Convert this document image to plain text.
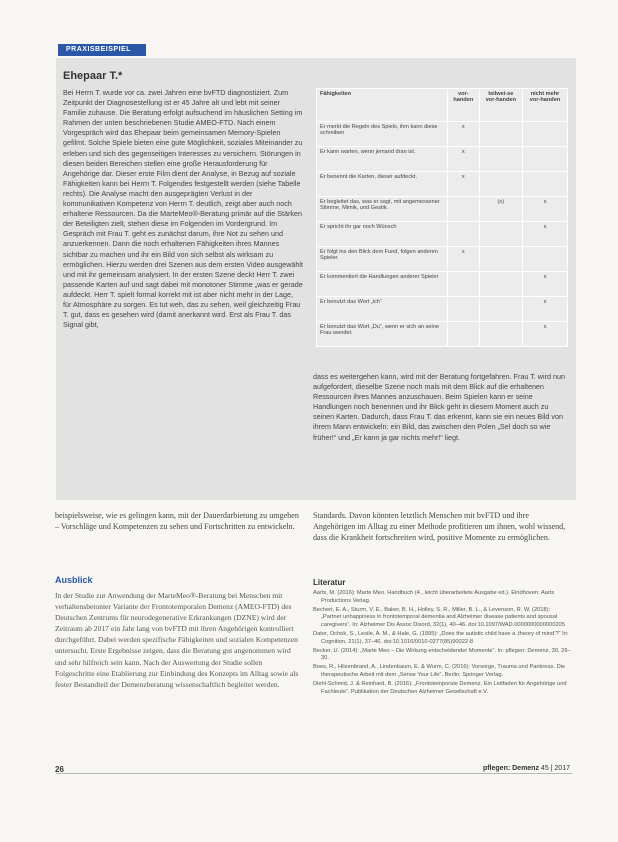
PRAXISBEISPIEL
Ehepaar T.*
Bei Herrn T. wurde vor ca. zwei Jahren eine bvFTD diagnostiziert. Zum Zeitpunkt der Diagnosestellung ist er 45 Jahre alt und lebt mit seiner Familie zuhause. Die Beratung erfolgt aufsuchend im häuslichen Setting im Rahmen der unten beschriebenen Studie AMEO-FTD. Nach einem Vorgespräch wird das Ehepaar beim gemeinsamen Memory-Spielen gefilmt. Solche Spiele bieten eine gute Möglichkeit, soziales Miteinander zu erleben und sich des gegenseitigen Interesses zu versichern. Störungen in diesen beiden Bereichen stellen eine große Herausforderung für Angehörige dar. Dieser erste Film dient der Analyse, in Bezug auf soziale Fähigkeiten kann bei Herrn T. Folgendes festgestellt werden (siehe Tabelle rechts). Die Analyse macht den ausgeprägten Verlust in der kommunikativen Kompetenz von Herrn T. deutlich, zeigt aber auch noch erhaltene Ressourcen. Da die MarteMeo®-Beratung primär auf die Stärken der Beteiligten zielt, stehen diese im Folgenden im Vordergrund. Im Gespräch mit Frau T. geht es zunächst darum, ihre Not zu sehen und anzuerkennen. Dann die noch erhaltenen Fähigkeiten ihres Mannes sichtbar zu machen und ihr ein Bild von sich selbst als wirksam zu ermöglichen. Hierzu werden drei Szenen aus dem ersten Video ausgewählt und mit ihr gemeinsam analysiert. In der ersten Szene deckt Herr T. zwei passende Karten auf und sagt dabei mit monotoner Stimme „was er gerade aufdeckt. Herr T. spielt formal korrekt mit ist aber nicht mehr in der Lage, für Atmosphäre zu sorgen. Es tut weh, das zu sehen, weil gleichzeitig Frau T. gut, dass es gesehen wird (damit anerkannt wird. Erst als Frau T. das Signal gibt,
Fähigkeiten	vor-handen	teilwei-se vor-handen	nicht mehr vor-handen
Er merkt die Regeln des Spiels, ihm kann diese schreiben	x		
Er kann warten, wenn jemand dran ist.	x		
Er benennt die Karten, dieser aufdeckt.	x		
Er begleitet das, was er sagt, mit angemessener Stimme, Mimik, und Gestik.		(x)	x
Er spricht ihr gar noch Wünsch			x
Er folgt ins den Blick dem Fund, folgen anderen Spieler.	x		
Er kommentiert die Handlungen anderer Spieler			x
Er benutzt das Wort „ich“			x
Er benutzt das Wort „Du“, wenn er sich an seine Frau wendet.			x
dass es weitergehen kann, wird mit der Beratung fortgefahren. Frau T. wird nun aufgefordert, dieselbe Szene noch mals mit dem Blick auf die erhaltenen Ressourcen ihres Mannes anzuschauen. Beim Spielen kann er seine Handlungen noch benennen und ihr Blick geht in diesem Moment auch zu seinen Karten. Dadurch, dass Frau T. das erkennt, kann sie ein neues Bild von ihrem Mann entwickeln: ein Bild, das zwischen den Polen „Sel doch so wie früher!“ und „Er kann ja gar nichts mehr!“ liegt.
beispielsweise, wie es gelingen kann, mit der Dauerdarbietung zu umgehen – Vorschläge und Kompetenzen zu sehen und Fortschritten zu entwickeln.
Standards. Davon könnten letztlich Menschen mit bvFTD und ihre Angehörigen im Alltag zu einer Methode profitieren um ihnen, wohl wissend, dass die Krankheit fortschreiten wird, positive Momente zu ermöglichen.
Ausblick
In der Studie zur Anwendung der MarteMeo®-Beratung bei Menschen mit verhaltensbetonter Variante der Frontotemporalen Demenz (AMEO-FTD) des Deutschen Zentrums für neurodegenerative Erkrankungen (DZNE) wird der Zeitraum ab 2017 ein Jahr lang von bvFTD mit ihren Angehörigen kontrolliert durchgeführt. Dabei werden spezifische Fähigkeiten und sozialen Kompetenzen untersucht. Erste Ergebnisse zeigen, dass die Beratung gut angenommen wird und sehr hilfreich sein kann. Nach der Auswertung der Studie sollen Folgeschritte eine Etablierung zur Einbindung des Konzepts im Alltag sowie als fester Bestandteil der Demenzberatung wissenschaftlich begleitet werden.
Literatur

Aarts, M. (2016): Marte Meo. Handbuch (4., leicht überarbeitete Ausgabe ed.). Eindhoven: Aarts Productions Verlag.

Bechert, E. A., Sturm, V. E., Baker, B. H., Holley, S. R., Miller, B. L., & Levenson, R. W. (2018): „Partner unhappiness in frontotemporal dementia and Alzheimer disease patients and spousal caregivers“. In: Alzheimer Dis Assoc Disord, 32(1), 40–46. doi:10.1097/WAD.0000000000000205

Dator, Ochok, S., Lesile, A. M., & Hale, G. (1995): „Does the autistic child have a ‚theory of mind‘?“ In: Cognition, 21(1), 37–46. doi:10.1016/0010-0277(85)90022-8

Becker, U. (2014): „Marte Meo – Die Wirkung entscheidender Momente“. In: pflegen: Demenz, 30, 26–30.

Boes, R., Hilzenbrand, A., Lindenbaum, E. & Wurm, C. (2016): Vorsorge, Trauma und Pankreas. Die therapeutische Arbeit mit dem „Sense Your Life“. Berlin: Springer Verlag.

Diehl-Schmid, J. & Reinhard, B. (2016): „Frontotemporale Demenz. Ein Leitfaden für Angehörige und Fachleute“. Publikation der Deutschen Alzheimer Gesellschaft e.V.

26	pflegen: Demenz 45 | 2017
